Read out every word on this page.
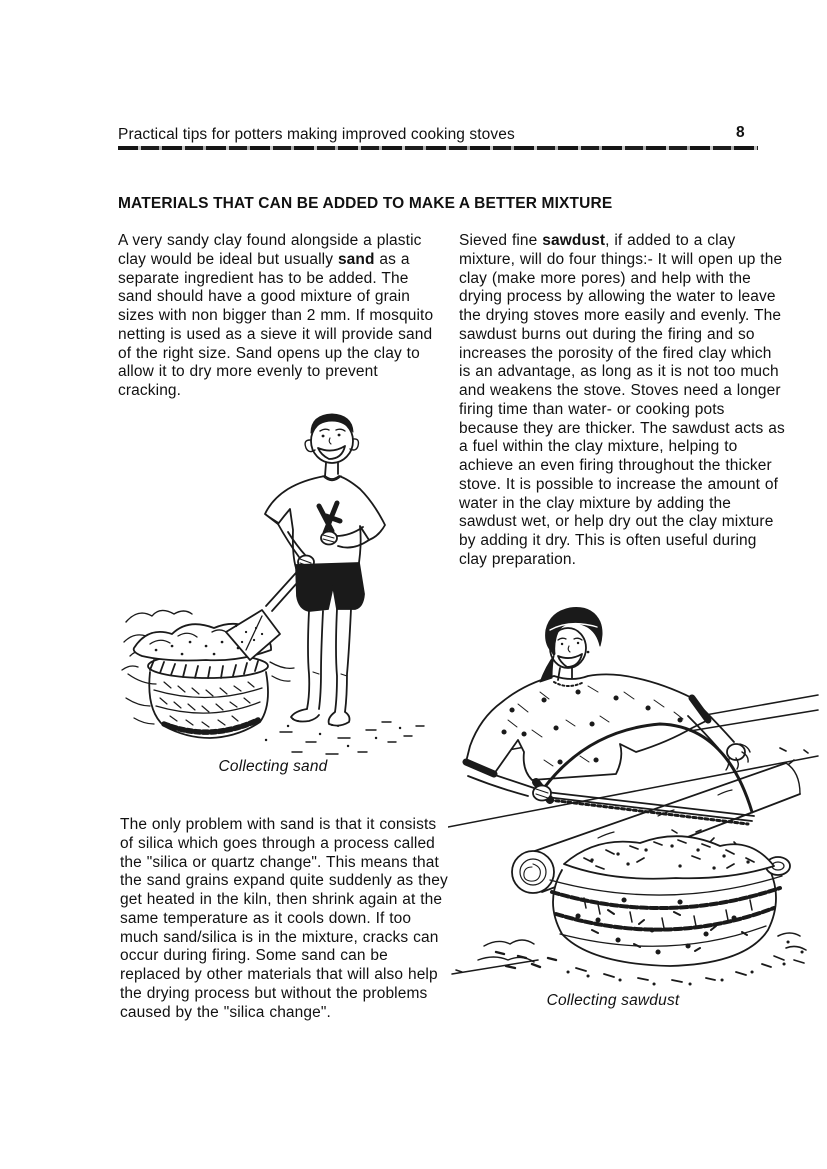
Practical tips for potters making improved cooking stoves	8
MATERIALS THAT CAN BE ADDED TO MAKE A BETTER MIXTURE

A very sandy clay found alongside a plastic clay would be ideal but usually sand as a separate ingredient has to be added. The sand should have a good mixture of grain sizes with non bigger than 2 mm. If mosquito netting is used as a sieve it will provide sand of the right size. Sand opens up the clay to allow it to dry more evenly to prevent cracking.

Sieved fine sawdust, if added to a clay mixture, will do four things:- It will open up the clay (make more pores) and help with the drying process by allowing the water to leave the drying stoves more easily and evenly. The sawdust burns out during the firing and so increases the porosity of the fired clay which is an advantage, as long as it is not too much and weakens the stove. Stoves need a longer firing time than water- or cooking pots because they are thicker. The sawdust acts as a fuel within the clay mixture, helping to achieve an even firing throughout the thicker stove. It is possible to increase the amount of water in the clay mixture by adding the sawdust wet, or help dry out the clay mixture by adding it dry. This is often useful during clay preparation.

Collecting sand

The only problem with sand is that it consists of silica which goes through a process called the "silica or quartz change". This means that the sand grains expand quite suddenly as they get heated in the kiln, then shrink again at the same temperature as it cools down. If too much sand/silica is in the mixture, cracks can occur during firing. Some sand can be replaced by other materials that will also help the drying process but without the problems caused by the "silica change".

Collecting sawdust
